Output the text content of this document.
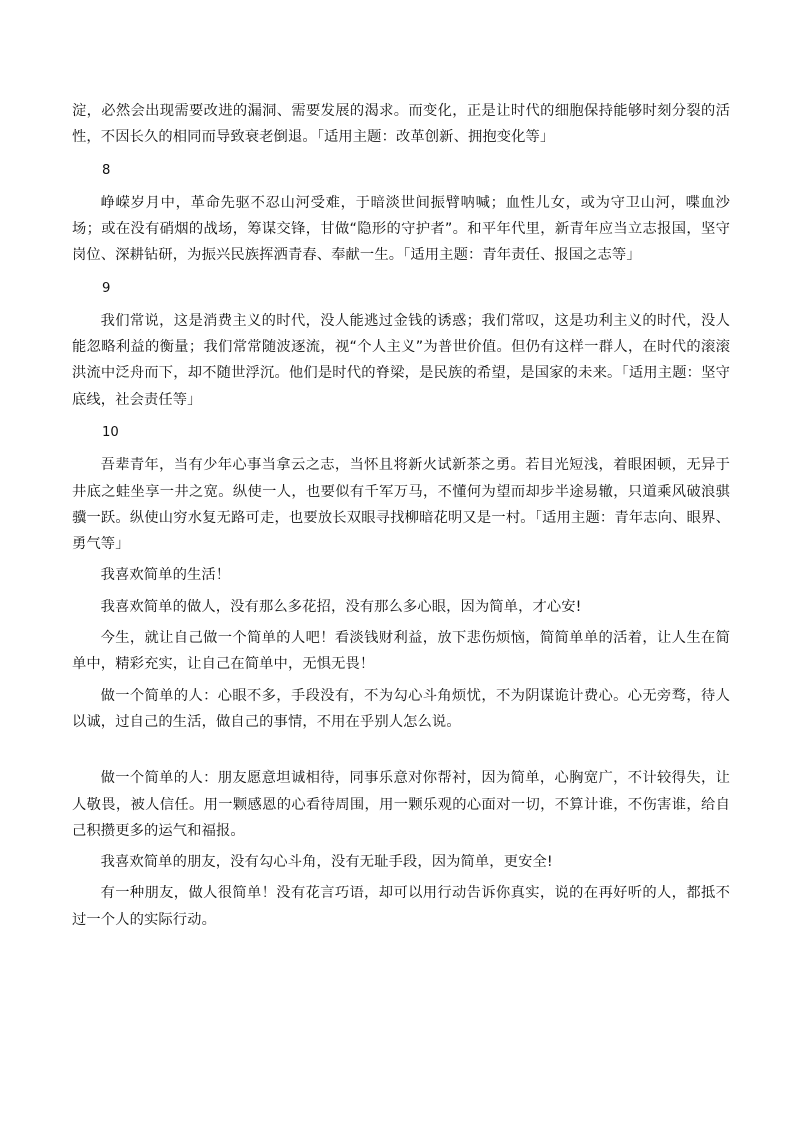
淀，必然会出现需要改进的漏洞、需要发展的渴求。而变化，正是让时代的细胞保持能够时刻分裂的活性，不因长久的相同而导致衰老倒退。「适用主题：改革创新、拥抱变化等」

8

峥嵘岁月中，革命先驱不忍山河受难，于暗淡世间振臂呐喊；血性儿女，或为守卫山河，喋血沙场；或在没有硝烟的战场，筹谋交锋，甘做“隐形的守护者”。和平年代里，新青年应当立志报国，坚守岗位、深耕钻研，为振兴民族挥洒青春、奉献一生。「适用主题：青年责任、报国之志等」

9

我们常说，这是消费主义的时代，没人能逃过金钱的诱惑；我们常叹，这是功利主义的时代，没人能忽略利益的衡量；我们常常随波逐流，视“个人主义”为普世价值。但仍有这样一群人，在时代的滚滚洪流中泛舟而下，却不随世浮沉。他们是时代的脊梁，是民族的希望，是国家的未来。「适用主题：坚守底线，社会责任等」

10

吾辈青年，当有少年心事当拿云之志，当怀且将新火试新茶之勇。若目光短浅，着眼困顿，无异于井底之蛙坐享一井之宽。纵使一人，也要似有千军万马，不懂何为望而却步半途易辙，只道乘风破浪骐骥一跃。纵使山穷水复无路可走，也要放长双眼寻找柳暗花明又是一村。「适用主题：青年志向、眼界、勇气等」

我喜欢简单的生活！

我喜欢简单的做人，没有那么多花招，没有那么多心眼，因为简单，才心安!

今生，就让自己做一个简单的人吧！看淡钱财利益，放下悲伤烦恼，简简单单的活着，让人生在简单中，精彩充实，让自己在简单中，无惧无畏！

做一个简单的人：心眼不多，手段没有，不为勾心斗角烦忧，不为阴谋诡计费心。心无旁骛，待人以诚，过自己的生活，做自己的事情，不用在乎别人怎么说。

做一个简单的人：朋友愿意坦诚相待，同事乐意对你帮衬，因为简单，心胸宽广，不计较得失，让人敬畏，被人信任。用一颗感恩的心看待周围，用一颗乐观的心面对一切，不算计谁，不伤害谁，给自己积攒更多的运气和福报。

我喜欢简单的朋友，没有勾心斗角，没有无耻手段，因为简单，更安全!

有一种朋友，做人很简单！没有花言巧语，却可以用行动告诉你真实，说的在再好听的人，都抵不过一个人的实际行动。
